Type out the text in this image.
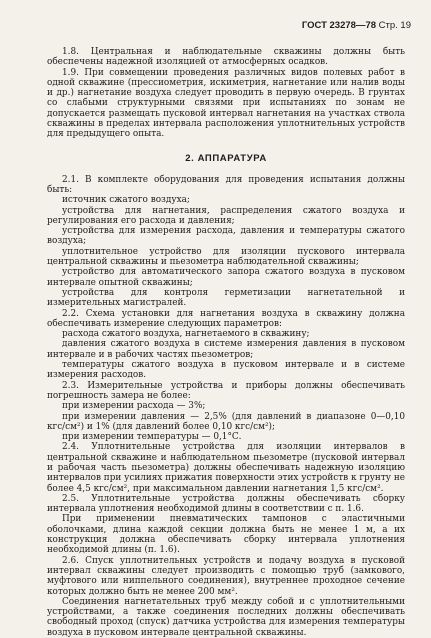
ГОСТ 23278—78 Стр. 19

1.8. Центральная и наблюдательные скважины должны быть обеспечены надежной изоляцией от атмосферных осадков.

1.9. При совмещении проведения различных видов полевых работ в одной скважине (прессиометрия, искиметрия, нагнетание или налив воды и др.) нагнетание воздуха следует проводить в первую очередь. В грунтах со слабыми структурными связями при испытаниях по зонам не допускается размещать пусковой интервал нагнетания на участках ствола скважины в пределах интервала расположения уплотнительных устройств для предыдущего опыта.

2. АППАРАТУРА

2.1. В комплекте оборудования для проведения испытания должны быть:

источник сжатого воздуха;

устройства для нагнетания, распределения сжатого воздуха и регулирования его расхода и давления;

устройства для измерения расхода, давления и температуры сжатого воздуха;

уплотнительное устройство для изоляции пускового интервала центральной скважины и пьезометра наблюдательной скважины;

устройство для автоматического запора сжатого воздуха в пусковом интервале опытной скважины;

устройства для контроля герметизации нагнетательной и измерительных магистралей.

2.2. Схема установки для нагнетания воздуха в скважину должна обеспечивать измерение следующих параметров:

расхода сжатого воздуха, нагнетаемого в скважину;

давления сжатого воздуха в системе измерения давления в пусковом интервале и в рабочих частях пьезометров;

температуры сжатого воздуха в пусковом интервале и в системе измерения расходов.

2.3. Измерительные устройства и приборы должны обеспечивать погрешность замера не более:

при измерении расхода — 3%;

при измерении давления — 2,5% (для давлений в диапазоне 0—0,10 кгс/см²) и 1% (для давлений более 0,10 кгс/см²);

при измерении температуры — 0,1°С.

2.4. Уплотнительные устройства для изоляции интервалов в центральной скважине и наблюдательном пьезометре (пусковой интервал и рабочая часть пьезометра) должны обеспечивать надежную изоляцию интервалов при усилиях прижатия поверхности этих устройств к грунту не более 4,5 кгс/см², при максимальном давлении нагнетания 1,5 кгс/см².

2.5. Уплотнительные устройства должны обеспечивать сборку интервала уплотнения необходимой длины в соответствии с п. 1.6.

При применении пневматических тампонов с эластичными оболочками, длина каждой секции должна быть не менее 1 м, а их конструкция должна обеспечивать сборку интервала уплотнения необходимой длины (п. 1.6).

2.6. Спуск уплотнительных устройств и подачу воздуха в пусковой интервал скважины следует производить с помощью труб (замкового, муфтового или ниппельного соединения), внутреннее проходное сечение которых должно быть не менее 200 мм².

Соединения нагнетательных труб между собой и с уплотнительными устройствами, а также соединения последних должны обеспечивать свободный проход (спуск) датчика устройства для измерения температуры воздуха в пусковом интервале центральной скважины.
